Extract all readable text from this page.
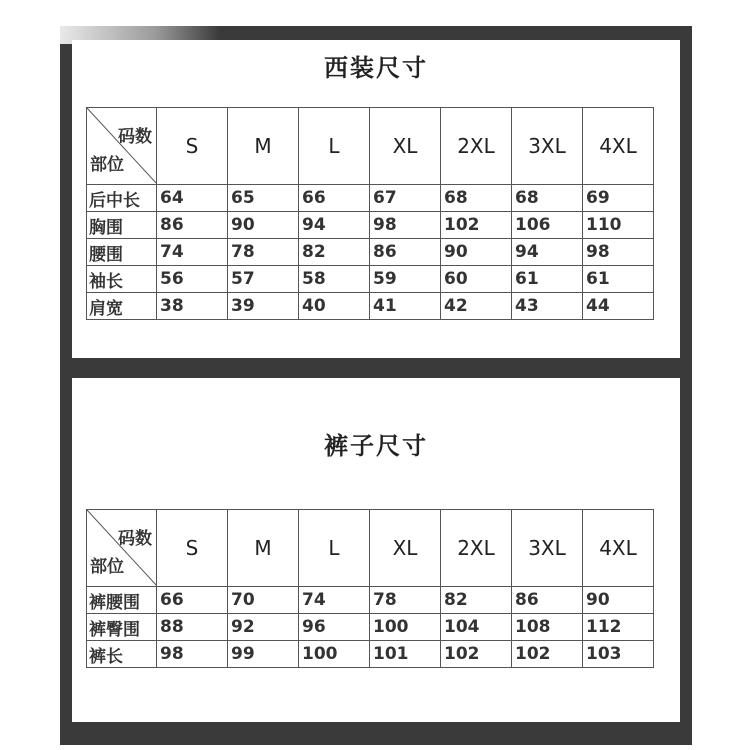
西装尺寸
码数
部位	S	M	L	XL	2XL	3XL	4XL
后中长	64	65	66	67	68	68	69
胸围	86	90	94	98	102	106	110
腰围	74	78	82	86	90	94	98
袖长	56	57	58	59	60	61	61
肩宽	38	39	40	41	42	43	44
裤子尺寸
码数
部位	S	M	L	XL	2XL	3XL	4XL
裤腰围	66	70	74	78	82	86	90
裤臀围	88	92	96	100	104	108	112
裤长	98	99	100	101	102	102	103
